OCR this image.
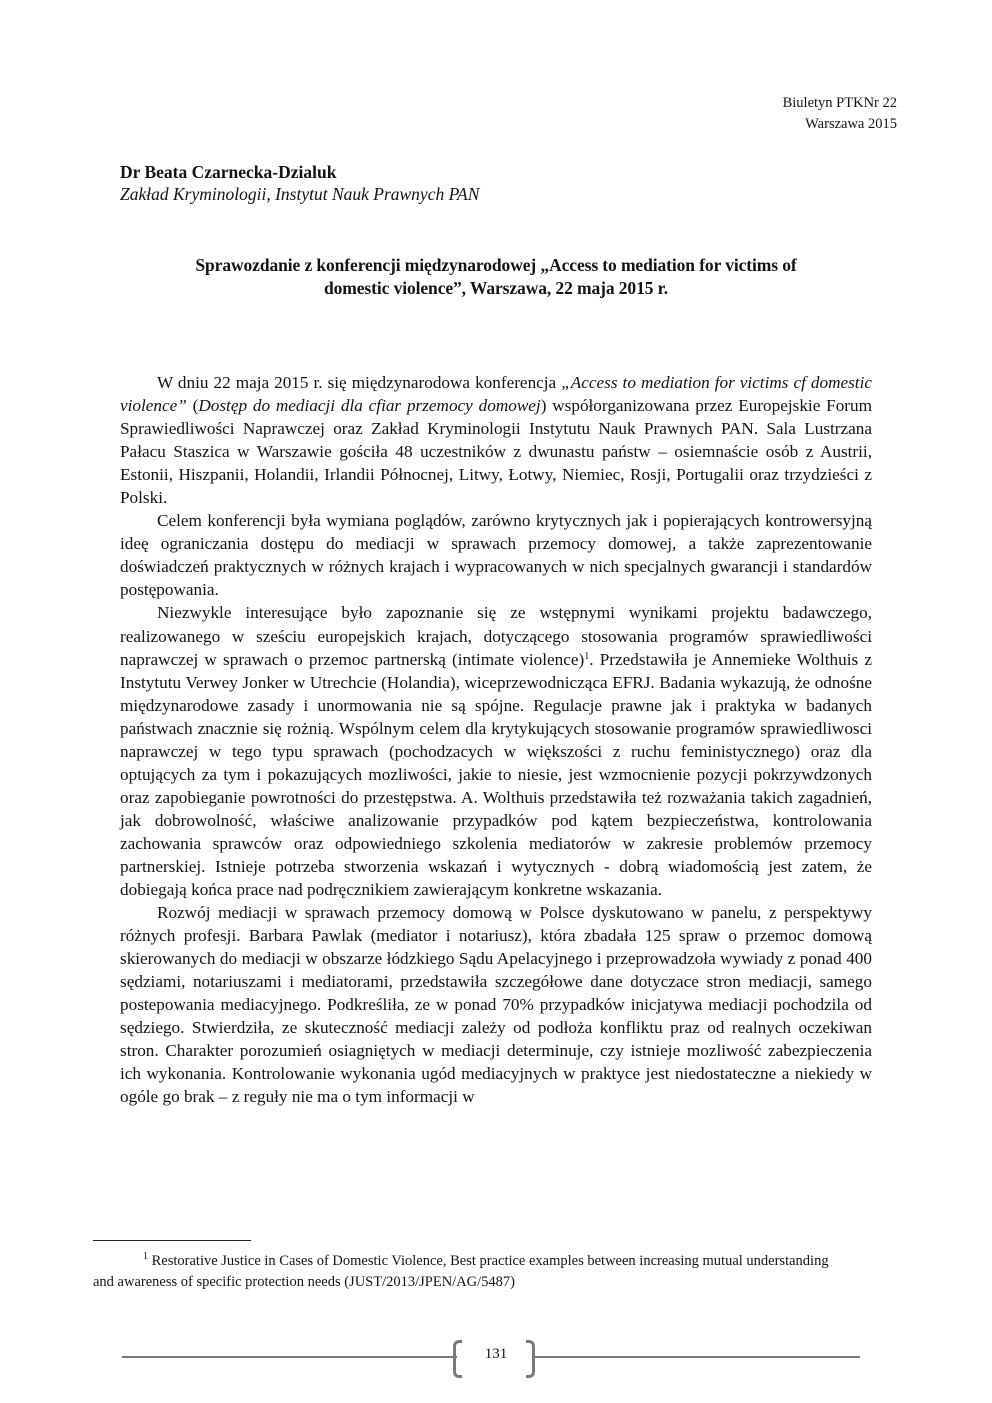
Biuletyn PTKNr 22
Warszawa 2015
Dr Beata Czarnecka-Dzialuk
Zakład Kryminologii, Instytut Nauk Prawnych PAN
Sprawozdanie z konferencji międzynarodowej „Access to mediation for victims of
domestic violence”, Warszawa, 22 maja 2015 r.

W dniu 22 maja 2015 r. się międzynarodowa konferencja „Access to mediation for victims cf domestic violence” (Dostęp do mediacji dla cfiar przemocy domowej) współorganizowana przez Europejskie Forum Sprawiedliwości Naprawczej oraz Zakład Kryminologii Instytutu Nauk Prawnych PAN. Sala Lustrzana Pałacu Staszica w Warszawie gościła 48 uczestników z dwunastu państw – osiemnaście osób z Austrii, Estonii, Hiszpanii, Holandii, Irlandii Północnej, Litwy, Łotwy, Niemiec, Rosji, Portugalii oraz trzydzieści z Polski.

Celem konferencji była wymiana poglądów, zarówno krytycznych jak i popierających kontrowersyjną ideę ograniczania dostępu do mediacji w sprawach przemocy domowej, a także zaprezentowanie doświadczeń praktycznych w różnych krajach i wypracowanych w nich specjalnych gwarancji i standardów postępowania.

Niezwykle interesujące było zapoznanie się ze wstępnymi wynikami projektu badawczego, realizowanego w sześciu europejskich krajach, dotyczącego stosowania programów sprawiedliwości naprawczej w sprawach o przemoc partnerską (intimate violence)$^1$. Przedstawiła je Annemieke Wolthuis z Instytutu Verwey Jonker w Utrechcie (Holandia), wiceprzewodnicząca EFRJ. Badania wykazują, że odnośne międzynarodowe zasady i unormowania nie są spójne. Regulacje prawne jak i praktyka w badanych państwach znacznie się rożnią. Wspólnym celem dla krytykujących stosowanie programów sprawiedliwosci naprawczej w tego typu sprawach (pochodzacych w większości z ruchu feministycznego) oraz dla optujących za tym i pokazujących mozliwości, jakie to niesie, jest wzmocnienie pozycji pokrzywdzonych oraz zapobieganie powrotności do przestępstwa. A. Wolthuis przedstawiła też rozważania takich zagadnień, jak dobrowolność, właściwe analizowanie przypadków pod kątem bezpieczeństwa, kontrolowania zachowania sprawców oraz odpowiedniego szkolenia mediatorów w zakresie problemów przemocy partnerskiej. Istnieje potrzeba stworzenia wskazań i wytycznych - dobrą wiadomością jest zatem, że dobiegają końca prace nad podręcznikiem zawierającym konkretne wskazania.

Rozwój mediacji w sprawach przemocy domową w Polsce dyskutowano w panelu, z perspektywy różnych profesji. Barbara Pawlak (mediator i notariusz), która zbadała 125 spraw o przemoc domową skierowanych do mediacji w obszarze łódzkiego Sądu Apelacyjnego i przeprowadzoła wywiady z ponad 400 sędziami, notariuszami i mediatorami, przedstawiła szczegółowe dane dotyczace stron mediacji, samego postepowania mediacyjnego. Podkreśliła, ze w ponad 70% przypadków inicjatywa mediacji pochodzila od sędziego. Stwierdziła, ze skuteczność mediacji zależy od podłoża konfliktu praz od realnych oczekiwan stron. Charakter porozumień osiagniętych w mediacji determinuje, czy istnieje mozliwość zabezpieczenia ich wykonania. Kontrolowanie wykonania ugód mediacyjnych w praktyce jest niedostateczne a niekiedy w ogóle go brak – z reguły nie ma o tym informacji w

$^1$ Restorative Justice in Cases of Domestic Violence, Best practice examples between increasing mutual understanding and awareness of specific protection needs (JUST/2013/JPEN/AG/5487)
131
